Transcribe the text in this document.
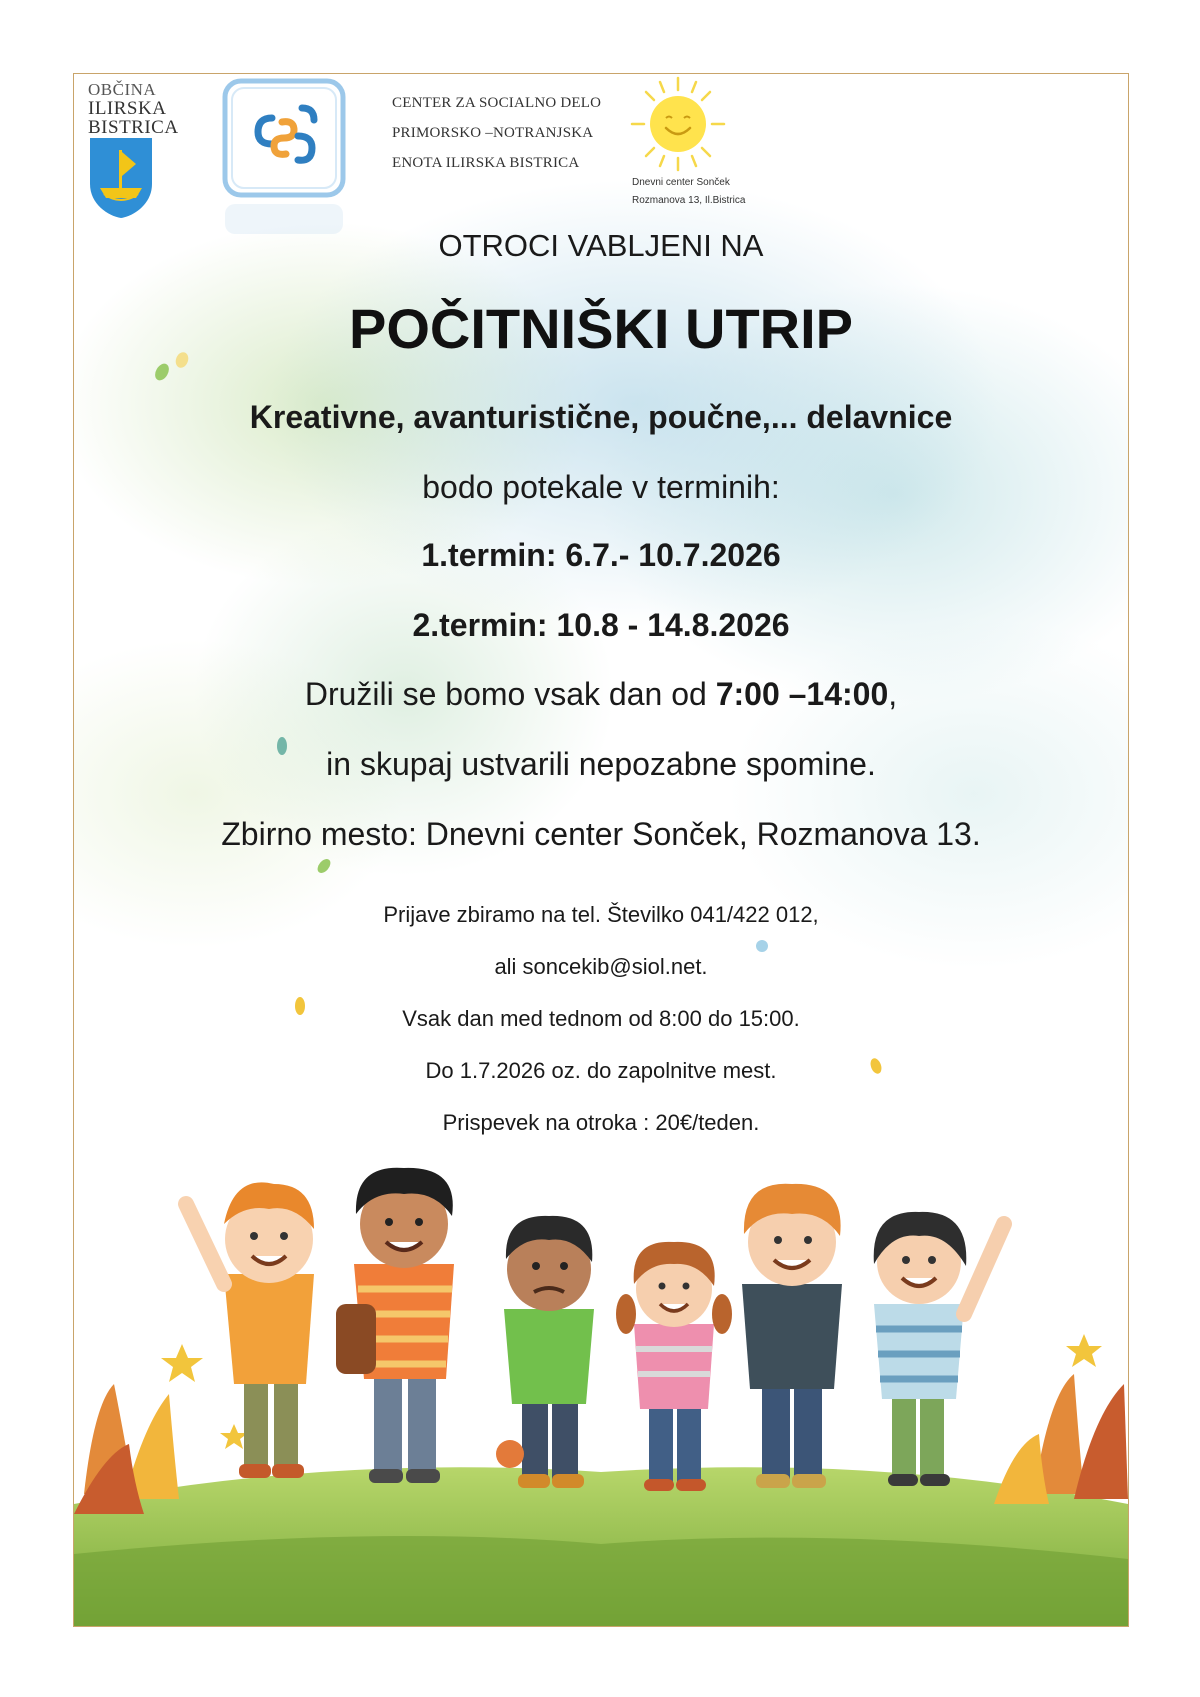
OBČINA
ILIRSKA
BISTRICA
CENTER ZA SOCIALNO DELO
PRIMORSKO –NOTRANJSKA
ENOTA ILIRSKA BISTRICA
Dnevni center Sonček
Rozmanova 13, Il.Bistrica
OTROCI VABLJENI NA
POČITNIŠKI UTRIP
Kreativne, avanturistične, poučne,... delavnice
bodo potekale v terminih:
1.termin: 6.7.- 10.7.2026
2.termin: 10.8 - 14.8.2026
Družili se bomo vsak dan od 7:00 –14:00,
in skupaj ustvarili nepozabne spomine.
Zbirno mesto: Dnevni center Sonček, Rozmanova 13.
Prijave zbiramo na tel. Številko 041/422 012,
ali soncekib@siol.net.
Vsak dan med tednom od 8:00 do 15:00.
Do 1.7.2026 oz. do zapolnitve mest.
Prispevek na otroka : 20€/teden.
